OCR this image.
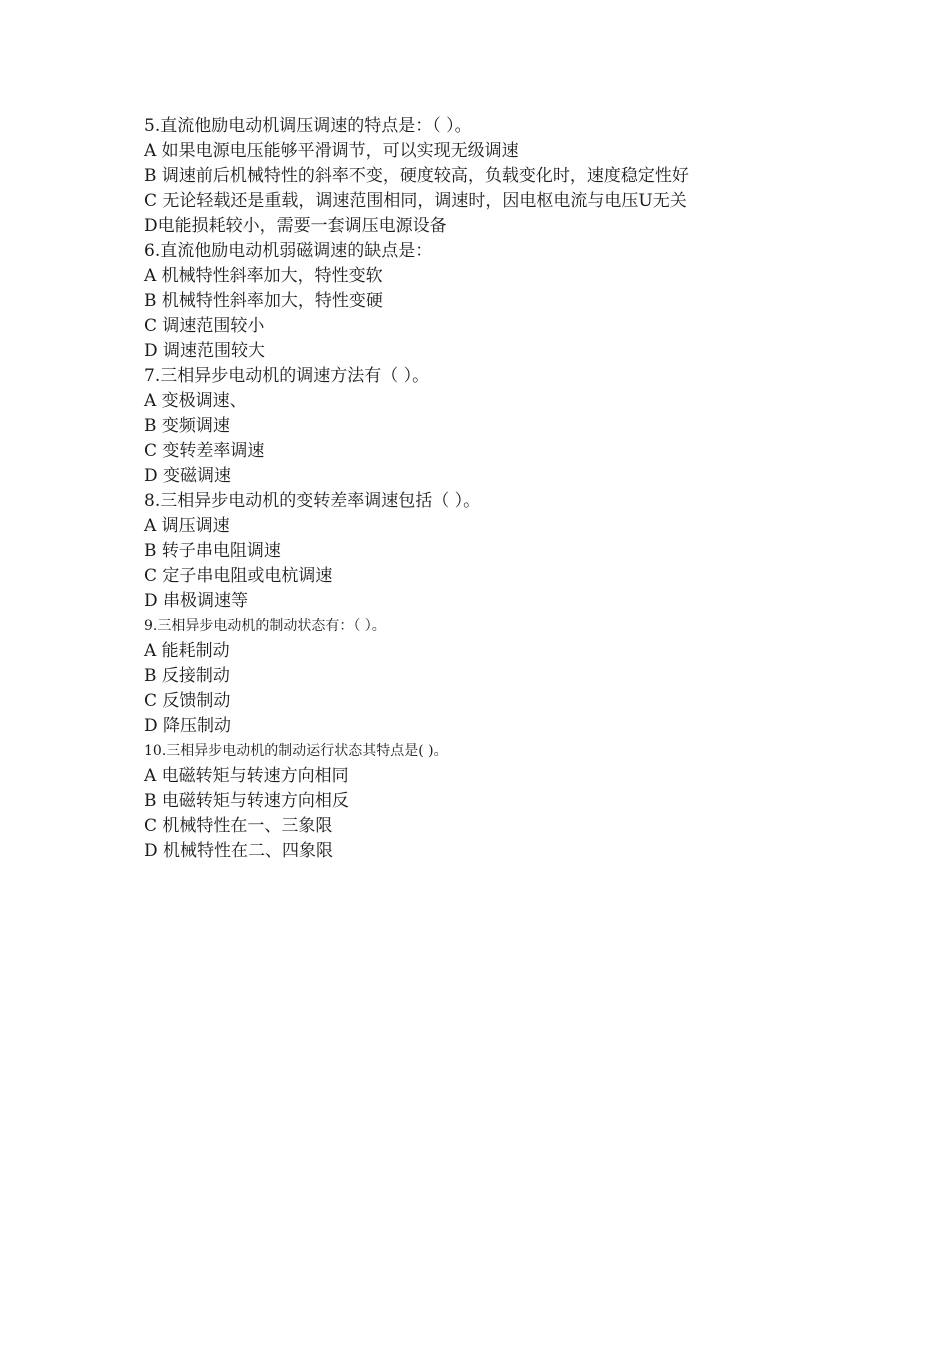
5.直流他励电动机调压调速的特点是：（ ）。
A 如果电源电压能够平滑调节，可以实现无级调速
B 调速前后机械特性的斜率不变，硬度较高，负载变化时，速度稳定性好
C 无论轻载还是重载，调速范围相同，调速时，因电枢电流与电压U无关
D电能损耗较小，需要一套调压电源设备
6.直流他励电动机弱磁调速的缺点是：
A 机械特性斜率加大，特性变软
B 机械特性斜率加大，特性变硬
C 调速范围较小
D 调速范围较大
7.三相异步电动机的调速方法有（ ）。
A 变极调速、
B 变频调速
C 变转差率调速
D 变磁调速
8.三相异步电动机的变转差率调速包括（ ）。
A 调压调速
B 转子串电阻调速
C 定子串电阻或电杭调速
D 串极调速等
9.三相异步电动机的制动状态有：（ ）。
A 能耗制动
B 反接制动
C 反馈制动
D 降压制动
10.三相异步电动机的制动运行状态其特点是( )。
A 电磁转矩与转速方向相同
B 电磁转矩与转速方向相反
C 机械特性在一、三象限
D 机械特性在二、四象限
